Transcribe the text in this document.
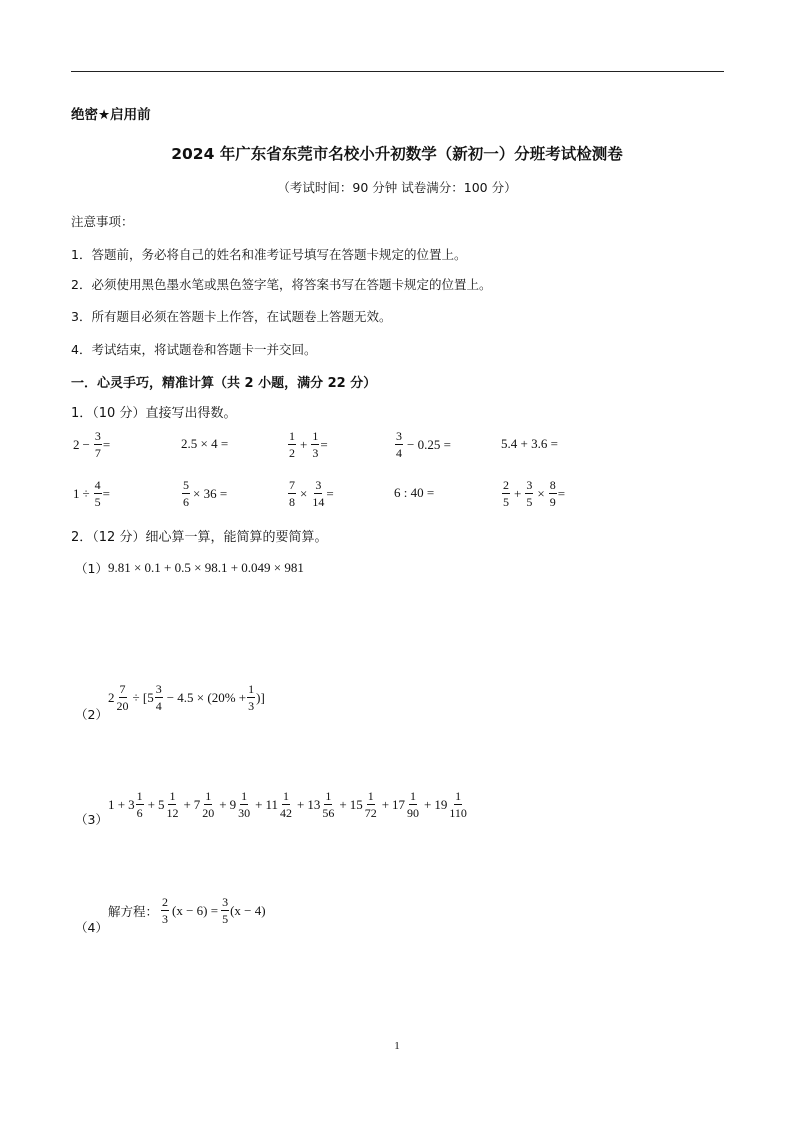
绝密★启用前
2024 年广东省东莞市名校小升初数学（新初一）分班考试检测卷
（考试时间：90 分钟 试卷满分：100 分）
注意事项：
1．答题前，务必将自己的姓名和准考证号填写在答题卡规定的位置上。
2．必须使用黑色墨水笔或黑色签字笔，将答案书写在答题卡规定的位置上。
3．所有题目必须在答题卡上作答，在试题卷上答题无效。
4．考试结束，将试题卷和答题卡一并交回。
一．心灵手巧，精准计算（共 2 小题，满分 22 分）
1．（10 分）直接写出得数。
$2 - \frac{3}{7}$ =	2.5 × 4 =	$\frac{1}{2} + \frac{1}{3}$ =	$\frac{3}{4} - 0.25$ =	5.4 + 3.6 =
$1 \div \frac{4}{5}$ =	$\frac{5}{6} \times 36$ =	$\frac{7}{8} \times \frac{3}{14}$ =	6 : 40 =	$\frac{2}{5} + \frac{3}{5} \times \frac{8}{9}$ =
2．（12 分）细心算一算，能简算的要简算。
（1） 9.81 × 0.1 + 0.5 × 98.1 + 0.049 × 981
（2）
$2 \frac{7}{20} \div [5 \frac{3}{4} - 4.5 \times (20\% + \frac{1}{3}$ )]
（3）
$1 + 3 \frac{1}{6} + 5 \frac{1}{12} + 7 \frac{1}{20} + 9 \frac{1}{30} + 11 \frac{1}{42} + 13 \frac{1}{56} + 15 \frac{1}{72} + 17 \frac{1}{90} + 19 \frac{1}{110}$
（4）
解方程： $\frac{2}{3} (x - 6) = \frac{3}{5} (x - 4)$
1
